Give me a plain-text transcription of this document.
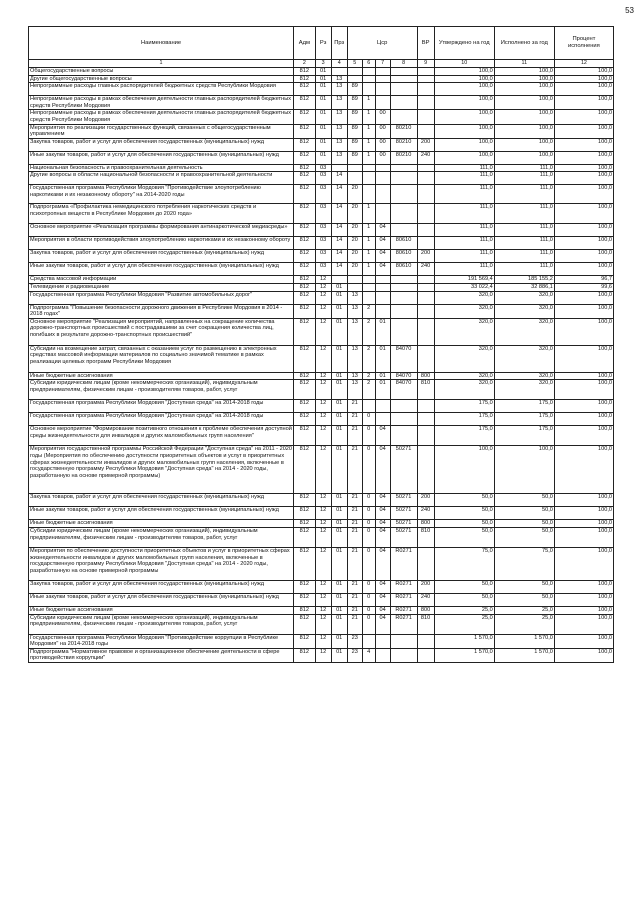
53
Наименование	Адм	Рз	Прз	Цср				ВР	Утверждено на год	Исполнено за год	Процент исполнения
1	2	3	4	5	6	7	8	9	10	11	12
Общегосударственные вопросы	812	01							100,0	100,0	100,0
Другие общегосударственные вопросы	812	01	13						100,0	100,0	100,0
Непрограммные расходы главных распорядителей бюджетных средств Республики Мордовия	812	01	13	89					100,0	100,0	100,0
Непрограммные расходы в рамках обеспечения деятельности главных распорядителей бюджетных средств Республики Мордовия	812	01	13	89	1				100,0	100,0	100,0
Непрограммные расходы в рамках обеспечения деятельности главных распорядителей бюджетных средств Республики Мордовия	812	01	13	89	1	00			100,0	100,0	100,0
Мероприятия по реализации государственных функций, связанных с общегосударственным управлением	812	01	13	89	1	00	80210		100,0	100,0	100,0
Закупка товаров, работ и услуг для обеспечения государственных (муниципальных) нужд	812	01	13	89	1	00	80210	200	100,0	100,0	100,0
Иные закупки товаров, работ и услуг для обеспечения государственных (муниципальных) нужд	812	01	13	89	1	00	80210	240	100,0	100,0	100,0
Национальная безопасность и правоохранительная деятельность	812	03							111,0	111,0	100,0
Другие вопросы в области национальной безопасности и правоохранительной деятельности	812	03	14						111,0	111,0	100,0
Государственная программа Республики Мордовия "Противодействие злоупотреблению наркотиками и их незаконному обороту" на 2014-2020 годы	812	03	14	20					111,0	111,0	100,0
Подпрограмма «Профилактика немедицинского потребления наркотических средств и психотропных веществ в Республике Мордовия до 2020 года»	812	03	14	20	1				111,0	111,0	100,0
Основное мероприятие «Реализация программы формирования антинаркотической медиасреды»	812	03	14	20	1	04			111,0	111,0	100,0
Мероприятия в области противодействия злоупотреблению наркотиками и их незаконному обороту	812	03	14	20	1	04	80610		111,0	111,0	100,0
Закупка товаров, работ и услуг для обеспечения государственных (муниципальных) нужд	812	03	14	20	1	04	80610	200	111,0	111,0	100,0
Иные закупки товаров, работ и услуг для обеспечения государственных (муниципальных) нужд	812	03	14	20	1	04	80610	240	111,0	111,0	100,0
Средства массовой информации	812	12							191 569,4	185 155,2	96,7
Телевидение и радиовещание	812	12	01						33 022,4	32 886,1	99,6
Государственная программа Республики Мордовия "Развитие автомобильных дорог"	812	12	01	13					320,0	320,0	100,0
Подпрограмма "Повышение безопасности дорожного движения в Республике Мордовия в 2014 - 2018 годах"	812	12	01	13	2				320,0	320,0	100,0
Основное мероприятие "Реализация мероприятий, направленных на сокращение количества дорожно-транспортных происшествий с пострадавшими за счет сокращения количества лиц, погибших в результате дорожно-транспортных происшествий"	812	12	01	13	2	01			320,0	320,0	100,0
Субсидии на возмещение затрат, связанных с оказанием услуг по размещению в электронных средствах массовой информации материалов по социально значимой тематике в рамках реализации целевых программ Республики Мордовия	812	12	01	13	2	01	84070		320,0	320,0	100,0
Иные бюджетные ассигнования	812	12	01	13	2	01	84070	800	320,0	320,0	100,0
Субсидии юридическим лицам (кроме некоммерческих организаций), индивидуальным предпринимателям, физическим лицам - производителям товаров, работ, услуг	812	12	01	13	2	01	84070	810	320,0	320,0	100,0
Государственная программа Республики Мордовия "Доступная среда" на 2014-2018 годы	812	12	01	21					175,0	175,0	100,0
Государственная программа Республики Мордовия "Доступная среда" на 2014-2018 годы	812	12	01	21	0				175,0	175,0	100,0
Основное мероприятие "Формирование позитивного отношения к проблеме обеспечения доступной среды жизнедеятельности для инвалидов и других маломобильных групп населения"	812	12	01	21	0	04			175,0	175,0	100,0
Мероприятия государственной программы Российской Федерации "Доступная среда" на 2011 - 2020 годы (Мероприятия по обеспечению доступности приоритетных объектов и услуг в приоритетных сферах жизнедеятельности инвалидов и других маломобильных групп населения, включенные в государственную программу Республики Мордовия "Доступная среда" на 2014 - 2020 годы, разработанную на основе примерной программы)	812	12	01	21	0	04	50271		100,0	100,0	100,0
Закупка товаров, работ и услуг для обеспечения государственных (муниципальных) нужд	812	12	01	21	0	04	50271	200	50,0	50,0	100,0
Иные закупки товаров, работ и услуг для обеспечения государственных (муниципальных) нужд	812	12	01	21	0	04	50271	240	50,0	50,0	100,0
Иные бюджетные ассигнования	812	12	01	21	0	04	50271	800	50,0	50,0	100,0
Субсидии юридическим лицам (кроме некоммерческих организаций), индивидуальным предпринимателям, физическим лицам - производителям товаров, работ, услуг	812	12	01	21	0	04	50271	810	50,0	50,0	100,0
Мероприятия по обеспечению доступности приоритетных объектов и услуг в приоритетных сферах жизнедеятельности инвалидов и других маломобильных групп населения, включенные в государственную программу Республики Мордовия "Доступная среда" на 2014 - 2020 годы, разработанную на основе примерной программы	812	12	01	21	0	04	R0271		75,0	75,0	100,0
Закупка товаров, работ и услуг для обеспечения государственных (муниципальных) нужд	812	12	01	21	0	04	R0271	200	50,0	50,0	100,0
Иные закупки товаров, работ и услуг для обеспечения государственных (муниципальных) нужд	812	12	01	21	0	04	R0271	240	50,0	50,0	100,0
Иные бюджетные ассигнования	812	12	01	21	0	04	R0271	800	25,0	25,0	100,0
Субсидии юридическим лицам (кроме некоммерческих организаций), индивидуальным предпринимателям, физическим лицам - производителям товаров, работ, услуг	812	12	01	21	0	04	R0271	810	25,0	25,0	100,0
Государственная программа Республики Мордовия "Противодействие коррупции в Республике Мордовия" на 2014-2018 годы	812	12	01	23					1 570,0	1 570,0	100,0
Подпрограмма "Нормативное правовое и организационное обеспечение деятельности в сфере противодействия коррупции"	812	12	01	23	4				1 570,0	1 570,0	100,0
